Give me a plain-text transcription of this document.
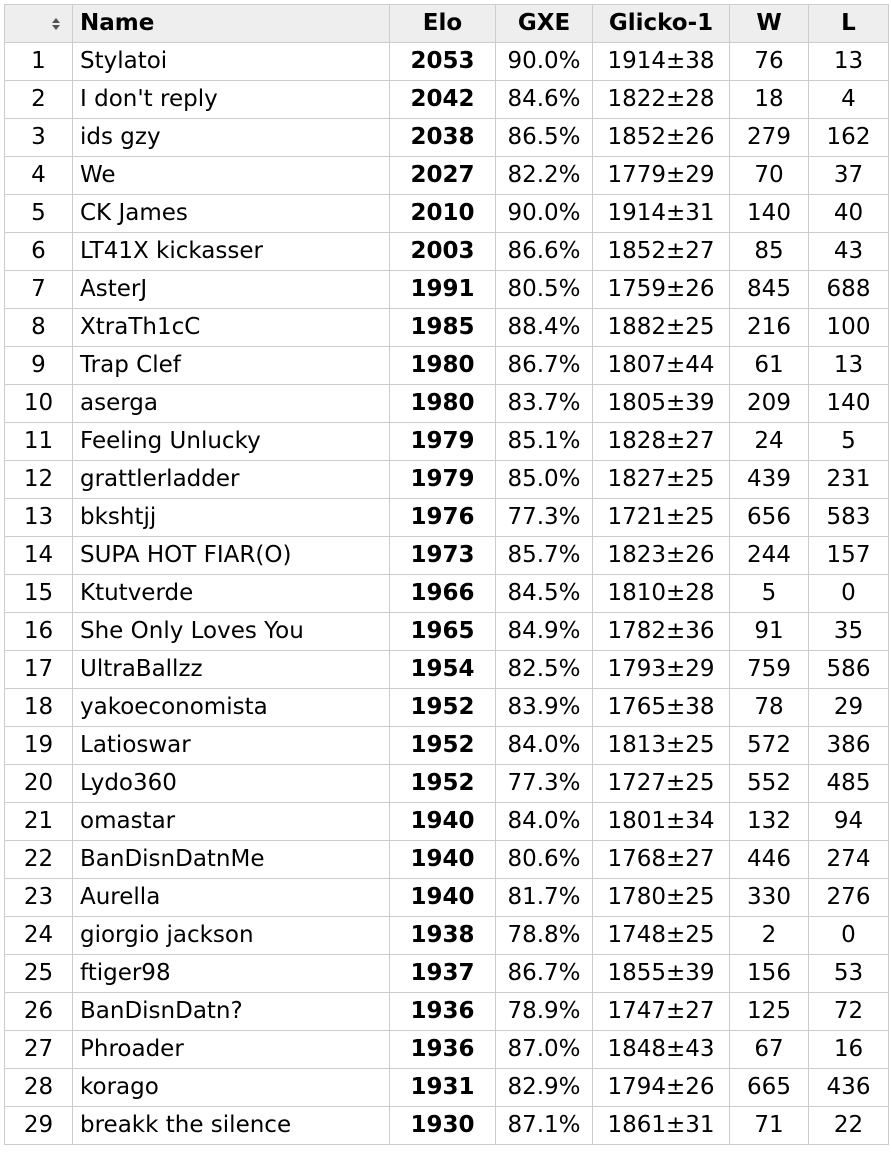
	Name	Elo	GXE	Glicko-1	W	L
1	Stylatoi	2053	90.0%	1914±38	76	13
2	I don't reply	2042	84.6%	1822±28	18	4
3	ids gzy	2038	86.5%	1852±26	279	162
4	We	2027	82.2%	1779±29	70	37
5	CK James	2010	90.0%	1914±31	140	40
6	LT41X kickasser	2003	86.6%	1852±27	85	43
7	AsterJ	1991	80.5%	1759±26	845	688
8	XtraTh1cC	1985	88.4%	1882±25	216	100
9	Trap Clef	1980	86.7%	1807±44	61	13
10	aserga	1980	83.7%	1805±39	209	140
11	Feeling Unlucky	1979	85.1%	1828±27	24	5
12	grattlerladder	1979	85.0%	1827±25	439	231
13	bkshtjj	1976	77.3%	1721±25	656	583
14	SUPA HOT FIAR(O)	1973	85.7%	1823±26	244	157
15	Ktutverde	1966	84.5%	1810±28	5	0
16	She Only Loves You	1965	84.9%	1782±36	91	35
17	UltraBallzz	1954	82.5%	1793±29	759	586
18	yakoeconomista	1952	83.9%	1765±38	78	29
19	Latioswar	1952	84.0%	1813±25	572	386
20	Lydo360	1952	77.3%	1727±25	552	485
21	omastar	1940	84.0%	1801±34	132	94
22	BanDisnDatnMe	1940	80.6%	1768±27	446	274
23	Aurella	1940	81.7%	1780±25	330	276
24	giorgio jackson	1938	78.8%	1748±25	2	0
25	ftiger98	1937	86.7%	1855±39	156	53
26	BanDisnDatn?	1936	78.9%	1747±27	125	72
27	Phroader	1936	87.0%	1848±43	67	16
28	korago	1931	82.9%	1794±26	665	436
29	breakk the silence	1930	87.1%	1861±31	71	22
